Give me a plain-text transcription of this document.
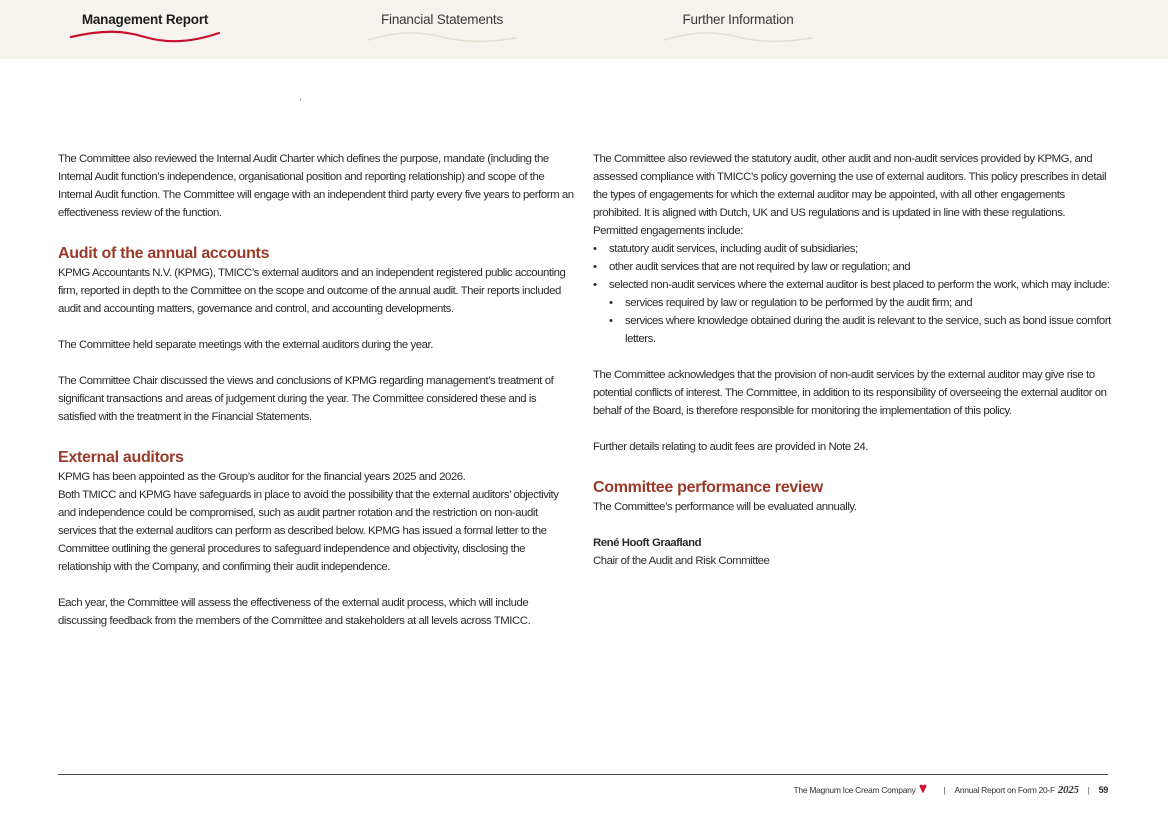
Management Report	Financial Statements	Further Information

The Committee also reviewed the Internal Audit Charter which defines the purpose, mandate (including the Internal Audit function’s independence, organisational position and reporting relationship) and scope of the Internal Audit function. The Committee will engage with an independent third party every five years to perform an effectiveness review of the function.

Audit of the annual accounts

KPMG Accountants N.V. (KPMG), TMICC’s external auditors and an independent registered public accounting firm, reported in depth to the Committee on the scope and outcome of the annual audit. Their reports included audit and accounting matters, governance and control, and accounting developments.

The Committee held separate meetings with the external auditors during the year.

The Committee Chair discussed the views and conclusions of KPMG regarding management’s treatment of significant transactions and areas of judgement during the year. The Committee considered these and is satisfied with the treatment in the Financial Statements.

External auditors

KPMG has been appointed as the Group’s auditor for the financial years 2025 and 2026.

Both TMICC and KPMG have safeguards in place to avoid the possibility that the external auditors’ objectivity and independence could be compromised, such as audit partner rotation and the restriction on non-audit services that the external auditors can perform as described below. KPMG has issued a formal letter to the Committee outlining the general procedures to safeguard independence and objectivity, disclosing the relationship with the Company, and confirming their audit independence.

Each year, the Committee will assess the effectiveness of the external audit process, which will include discussing feedback from the members of the Committee and stakeholders at all levels across TMICC.

The Committee also reviewed the statutory audit, other audit and non-audit services provided by KPMG, and assessed compliance with TMICC’s policy governing the use of external auditors. This policy prescribes in detail the types of engagements for which the external auditor may be appointed, with all other engagements prohibited. It is aligned with Dutch, UK and US regulations and is updated in line with these regulations.

Permitted engagements include:

• statutory audit services, including audit of subsidiaries;
• other audit services that are not required by law or regulation; and
• selected non-audit services where the external auditor is best placed to perform the work, which may include:
• services required by law or regulation to be performed by the audit firm; and
• services where knowledge obtained during the audit is relevant to the service, such as bond issue comfort letters.

The Committee acknowledges that the provision of non-audit services by the external auditor may give rise to potential conflicts of interest. The Committee, in addition to its responsibility of overseeing the external auditor on behalf of the Board, is therefore responsible for monitoring the implementation of this policy.

Further details relating to audit fees are provided in Note 24.

Committee performance review

The Committee’s performance will be evaluated annually.

René Hooft Graafland

Chair of the Audit and Risk Committee

The Magnum Ice Cream Company	| Annual Report on Form 20-F 2025 | 59
